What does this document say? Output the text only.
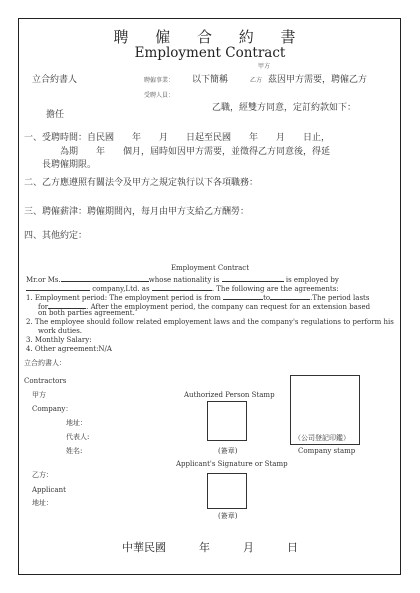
聘 僱 合 約 書
Employment Contract
甲方
立合約書人	聘僱事業： 以下簡稱	乙方 茲因甲方需要，聘僱乙方
受聘人員：
擔任
乙職，經雙方同意，定訂約款如下：
一、受聘時間：自民國　　年　　月　　日起至民國　　年　　月　　日止，
　　　　為期　　年　　個月，屆時如因甲方需要，並徵得乙方同意後，得延
　　長聘僱期限。
二、乙方應遵照有關法令及甲方之規定執行以下各項職務：
三、聘僱薪津：聘僱期間內，每月由甲方支給乙方酬勞：
四、其他約定：
Employment Contract
Mr.or Ms.	whose nationality is	is employed by
company,Ltd. as	. The following are the agreements:
1. Employment period: The employment period is from	to	.The period lasts
for	. After the employment period, the company can request for an extension based
on both parties agreement.
2. The employee should follow related employement laws and the company's regulations to perform his
work duties.
3. Monthly Salary:
4. Other agreement:N/A
立合約書人：
Contractors
甲方
Company：
地址：
代表人:
姓名:
Authorized Person Stamp
(簽章)
（公司登記印鑑）
Company stamp
Applicant's Signature or Stamp
(簽章)
乙方：
Applicant
地址：
中華民國　　　年　　　月　　　日
